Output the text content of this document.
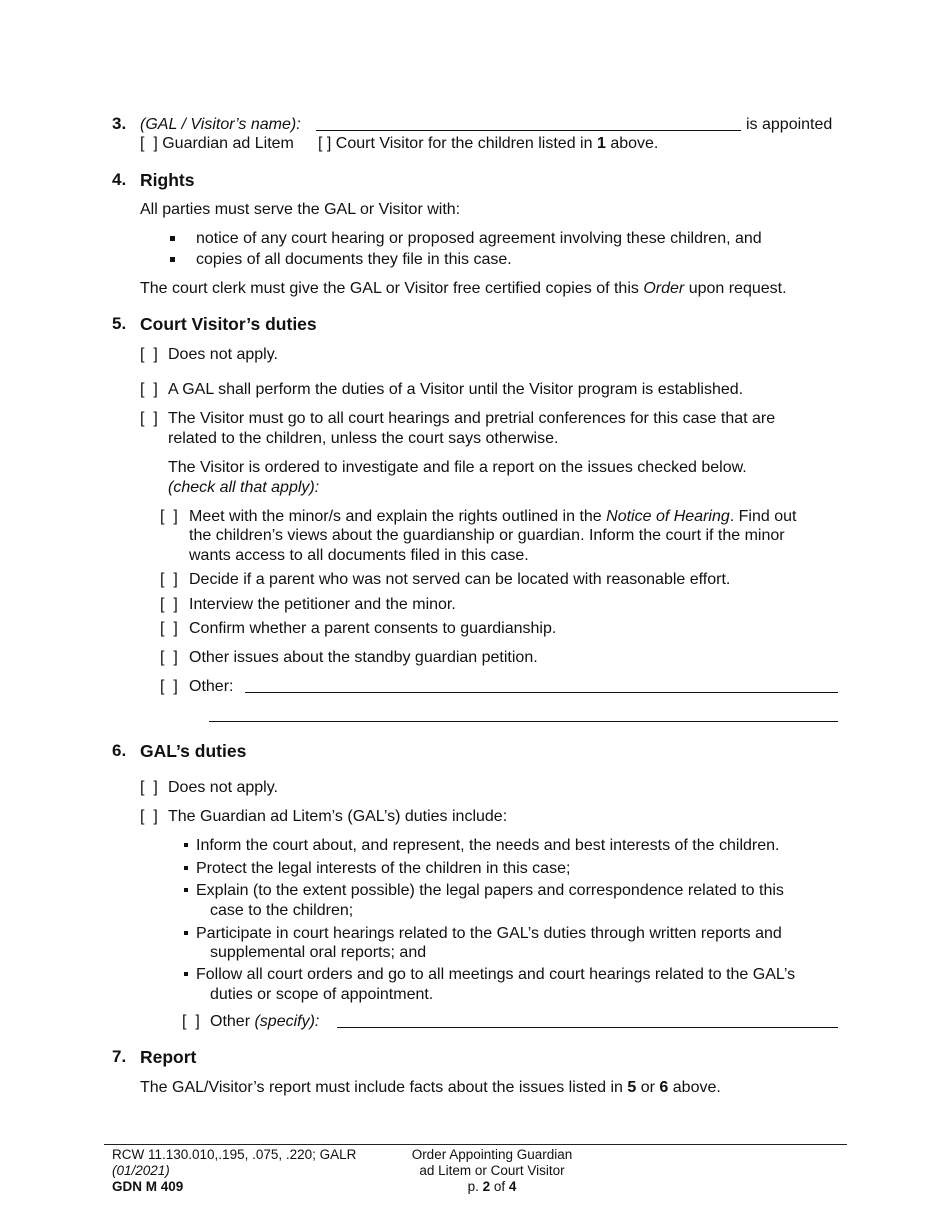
3. (GAL / Visitor’s name):	is appointed
[  ] Guardian ad Litem [ ] Court Visitor for the children listed in 1 above.
4. Rights
All parties must serve the GAL or Visitor with:
notice of any court hearing or proposed agreement involving these children, and
copies of all documents they file in this case.
The court clerk must give the GAL or Visitor free certified copies of this Order upon request.
5. Court Visitor’s duties
[  ] Does not apply.
[  ] A GAL shall perform the duties of a Visitor until the Visitor program is established.
[  ] The Visitor must go to all court hearings and pretrial conferences for this case that are
related to the children, unless the court says otherwise.
The Visitor is ordered to investigate and file a report on the issues checked below.
(check all that apply):
[  ] Meet with the minor/s and explain the rights outlined in the Notice of Hearing. Find out
the children’s views about the guardianship or guardian. Inform the court if the minor
wants access to all documents filed in this case.
[  ] Decide if a parent who was not served can be located with reasonable effort.
[  ] Interview the petitioner and the minor.
[  ] Confirm whether a parent consents to guardianship.
[  ] Other issues about the standby guardian petition.
[  ] Other:
6. GAL’s duties
[  ] Does not apply.
[  ] The Guardian ad Litem’s (GAL’s) duties include:
Inform the court about, and represent, the needs and best interests of the children.
Protect the legal interests of the children in this case;
Explain (to the extent possible) the legal papers and correspondence related to this
case to the children;
Participate in court hearings related to the GAL’s duties through written reports and
supplemental oral reports; and
Follow all court orders and go to all meetings and court hearings related to the GAL’s
duties or scope of appointment.
[  ] Other (specify):
7. Report
The GAL/Visitor’s report must include facts about the issues listed in 5 or 6 above.
RCW 11.130.010,.195, .075, .220; GALR
(01/2021)
GDN M 409
Order Appointing Guardian
ad Litem or Court Visitor
p. 2 of 4
